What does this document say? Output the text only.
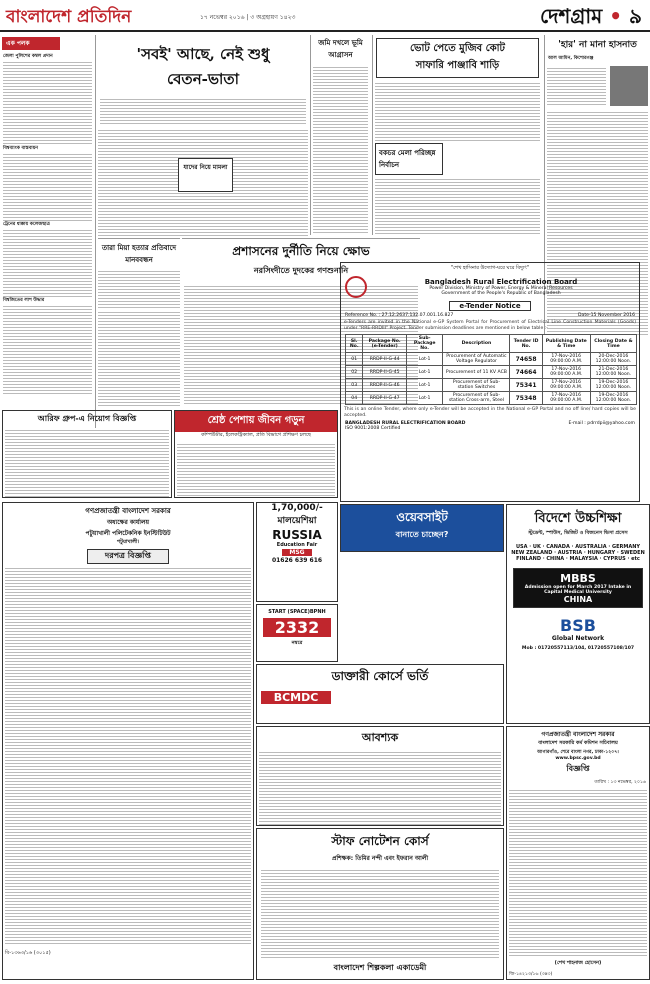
বাংলাদেশ প্রতিদিন	১৭ নভেম্বর ২০১৬ | ৩ অগ্রহায়ণ ১৪২৩	দেশগ্রাম • ৯
এক পলক
জেলা পুলিশের কম্বল প্রদান
বিশ্বব্যাংক বাস্তবায়ন
ট্রেনের ধাক্কায় কলেজছাত্র
বিশ্বজিতের লাশ উদ্ধার
'সবই' আছে, নেই শুধু
বেতন-ভাতা
যাদের নিয়ে মামলা
তারা মিয়া হত্যার প্রতিবাদে মানববন্ধন
প্রশাসনের দুর্নীতি নিয়ে ক্ষোভ
নরসিংদীতে দুদকের গণশুনানি
জমি দখলে ভূমি আগ্রাসন
ভোট পেতে মুজিব কোট
সাফারি পাঞ্জাবি শাড়ি
বকচর মেলা পরিচ্ছন্ন নির্বাচন
'হার' না মানা হাসনাত
আল আমিন, কিশোরগঞ্জ
"শেখ হাসিনার উদ্যোগ-ঘরে ঘরে বিদ্যুৎ"
Bangladesh Rural Electrification Board
Power Division, Ministry of Power, Energy & Mineral Resources
Government of the People's Republic of Bangladesh
e-Tender Notice
Reference No. : 27.12.2637.132.07.001.16.827	Date-15 November 2016
e-Tenders are invited in the National e-GP System Portal for Procurement of Electrical Line Construction Materials (Goods) under "RRE-RRDIII" Project. Tender submission deadlines are mentioned in below table :-
Sl. No.	Package No. (e-Tender)	Sub-Package No.	Description	Tender ID No.	Publishing Date & Time	Closing Date & Time
01	RRDP-II-G-44	Lot-1	Procurement of Automatic Voltage Regulator	74658	17-Nov-2016 09:00:00 A.M.	20-Dec-2016 12:00:00 Noon.
02	RRDP-II-G-45	Lot-1	Procurement of 11 KV ACB	74664	17-Nov-2016 09:00:00 A.M.	21-Dec-2016 12:00:00 Noon.
03	RRDP-II-G-46	Lot-1	Procurement of Sub-station Switches	75341	17-Nov-2016 09:00:00 A.M.	19-Dec-2016 12:00:00 Noon.
04	RRDP-II-G-47	Lot-1	Procurement of Sub-station Cross-arm, Steel	75348	17-Nov-2016 09:00:00 A.M.	19-Dec-2016 12:00:00 Noon.
This is an online Tender, where only e-Tender will be accepted in the National e-GP Portal and no off line/ hard copies will be accepted.
BANGLADESH RURAL ELECTRIFICATION BOARD
ISO 9001:2008 Certified
E-mail : pdrrdpii@yahoo.com
আরিফ গ্রুপ-এ নিয়োগ বিজ্ঞপ্তি	শ্রেষ্ঠ পেশায় জীবন গড়ুন
কম্পিউটার, ইলেকট্রিক্যাল, প্রতি বিভাগে প্রশিক্ষণ চলছে
গণপ্রজাতন্ত্রী বাংলাদেশ সরকার
অধ্যক্ষের কার্যালয়
পটুয়াখালী পলিটেকনিক ইনস্টিটিউট
পটুয়াখালী।
দরপত্র বিজ্ঞপ্তি
বি-১৩৬৩/১৬ (৩০১৫)
1,70,000/-
মালয়েশিয়া
RUSSIA
Education Fair
MSG
01626 639 616
START (SPACE)BPNH
2332
নম্বরে
ওয়েবসাইট
বানাতে চাচ্ছেন?
ডাক্তারী কোর্সে ভর্তি
BCMDC
বিদেশে উচ্চশিক্ষা
স্টুডেন্ট, স্পাউস, ভিজিট ও বিজনেস ভিসা প্রসেস
USA · UK · CANADA · AUSTRALIA · GERMANY
NEW ZEALAND · AUSTRIA · HUNGARY · SWEDEN
FINLAND · CHINA · MALAYSIA · CYPRUS · etc
MBBS
Admission open for March 2017 Intake in Capital Medical University
CHINA
BSB
Global Network
Mob : 01720557113/104, 01720557108/107
আবশ্যক
স্টাফ নোটেশন কোর্স
প্রশিক্ষক: তিমির নন্দী এবং ইফরান আলী
বাংলাদেশ শিল্পকলা একাডেমী
গণপ্রজাতন্ত্রী বাংলাদেশ সরকার
বাংলাদেশ সরকারি কর্ম কমিশন সচিবালয়
আগারগাঁও, শেরে বাংলা নগর, ঢাকা-১২০৭।
www.bpsc.gov.bd
বিজ্ঞপ্তি
তারিখ : ১৩ নভেম্বর, ২০১৬
(শেখ শাহনাজ হোসেন)
জি-১৪২১৩/১৬ (৩x৩)
